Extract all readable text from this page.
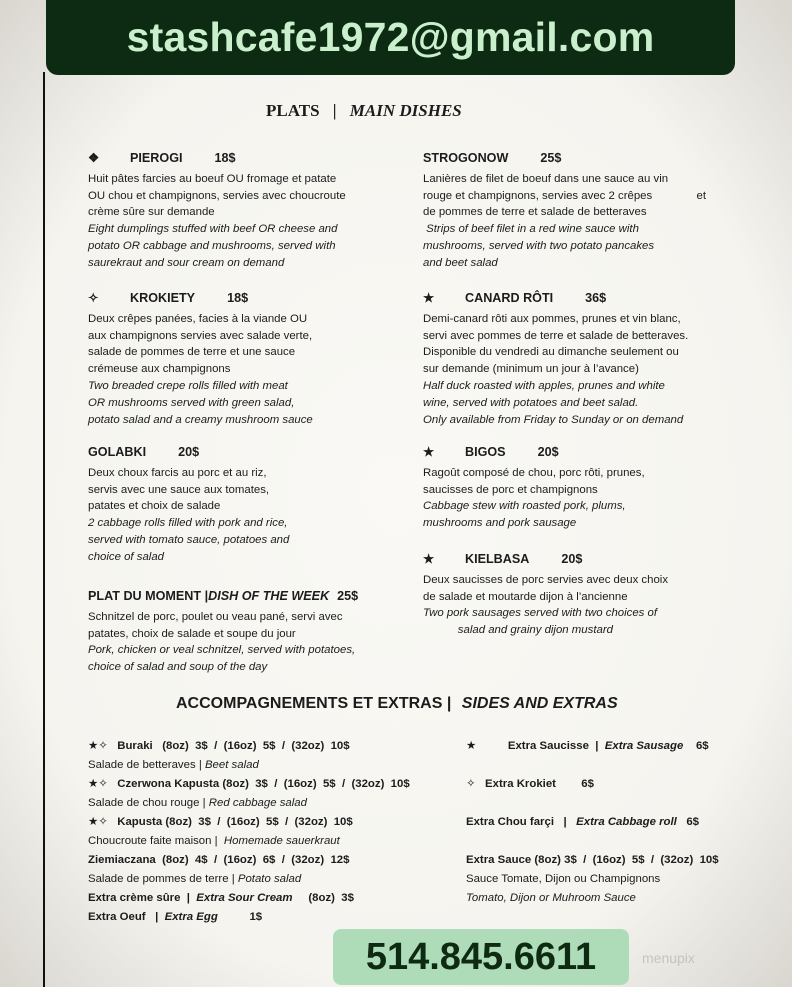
stashcafe1972@gmail.com
PLATS | MAIN DISHES
❖ PIEROGI	18$
Huit pâtes farcies au boeuf OU fromage et patate
OU chou et champignons, servies avec choucroute
crème sûre sur demande
Eight dumplings stuffed with beef OR cheese and
potato OR cabbage and mushrooms, served with
saurekraut and sour cream on demand
✧ KROKIETY	18$
Deux crêpes panées, facies à la viande OU
aux champignons servies avec salade verte,
salade de pommes de terre et une sauce
crémeuse aux champignons
Two breaded crepe rolls filled with meat
OR mushrooms served with green salad,
potato salad and a creamy mushroom sauce
GOLABKI	20$
Deux choux farcis au porc et au riz,
servis avec une sauce aux tomates,
patates et choix de salade
2 cabbage rolls filled with pork and rice,
served with tomato sauce, potatoes and
choice of salad
PLAT DU MOMENT |DISH OF THE WEEK 25$
Schnitzel de porc, poulet ou veau pané, servi avec
patates, choix de salade et soupe du jour
Pork, chicken or veal schnitzel, served with potatoes,
choice of salad and soup of the day
STROGONOW	25$
Lanières de filet de boeuf dans une sauce au vin
rouge et champignons, servies avec 2 crêpes              et
de pommes de terre et salade de betteraves
Strips of beef filet in a red wine sauce with
mushrooms, served with two potato pancakes
and beet salad
★ CANARD RÔTI	36$
Demi-canard rôti aux pommes, prunes et vin blanc,
servi avec pommes de terre et salade de betteraves.
Disponible du vendredi au dimanche seulement ou
sur demande (minimum un jour à l’avance)
Half duck roasted with apples, prunes and white
wine, served with potatoes and beet salad.
Only available from Friday to Sunday or on demand
★ BIGOS	20$
Ragoût composé de chou, porc rôti, prunes,
saucisses de porc et champignons
Cabbage stew with roasted pork, plums,
mushrooms and pork sausage
★ KIELBASA	20$
Deux saucisses de porc servies avec deux choix
de salade et moutarde dijon à l’ancienne
Two pork sausages served with two choices of
salad and grainy dijon mustard
ACCOMPAGNEMENTS ET EXTRAS | SIDES AND EXTRAS
★✧   Buraki   (8oz)  3$  /  (16oz)  5$  /  (32oz)  10$
Salade de betteraves | Beet salad
★✧   Czerwona Kapusta (8oz)  3$  /  (16oz)  5$  /  (32oz)  10$
Salade de chou rouge | Red cabbage salad
★✧   Kapusta (8oz)  3$  /  (16oz)  5$  /  (32oz)  10$
Choucroute faite maison |  Homemade sauerkraut
Ziemiaczana  (8oz)  4$  /  (16oz)  6$  /  (32oz)  12$
Salade de pommes de terre | Potato salad
Extra crème sûre  |  Extra Sour Cream     (8oz)  3$
Extra Oeuf   |  Extra Egg          1$
★          Extra Saucisse  |  Extra Sausage    6$
✧   Extra Krokiet        6$
Extra Chou farçi   |   Extra Cabbage roll   6$
Extra Sauce (8oz) 3$  /  (16oz)  5$  /  (32oz)  10$
Sauce Tomate, Dijon ou Champignons
Tomato, Dijon or Muhroom Sauce
514.845.6611	menupix
